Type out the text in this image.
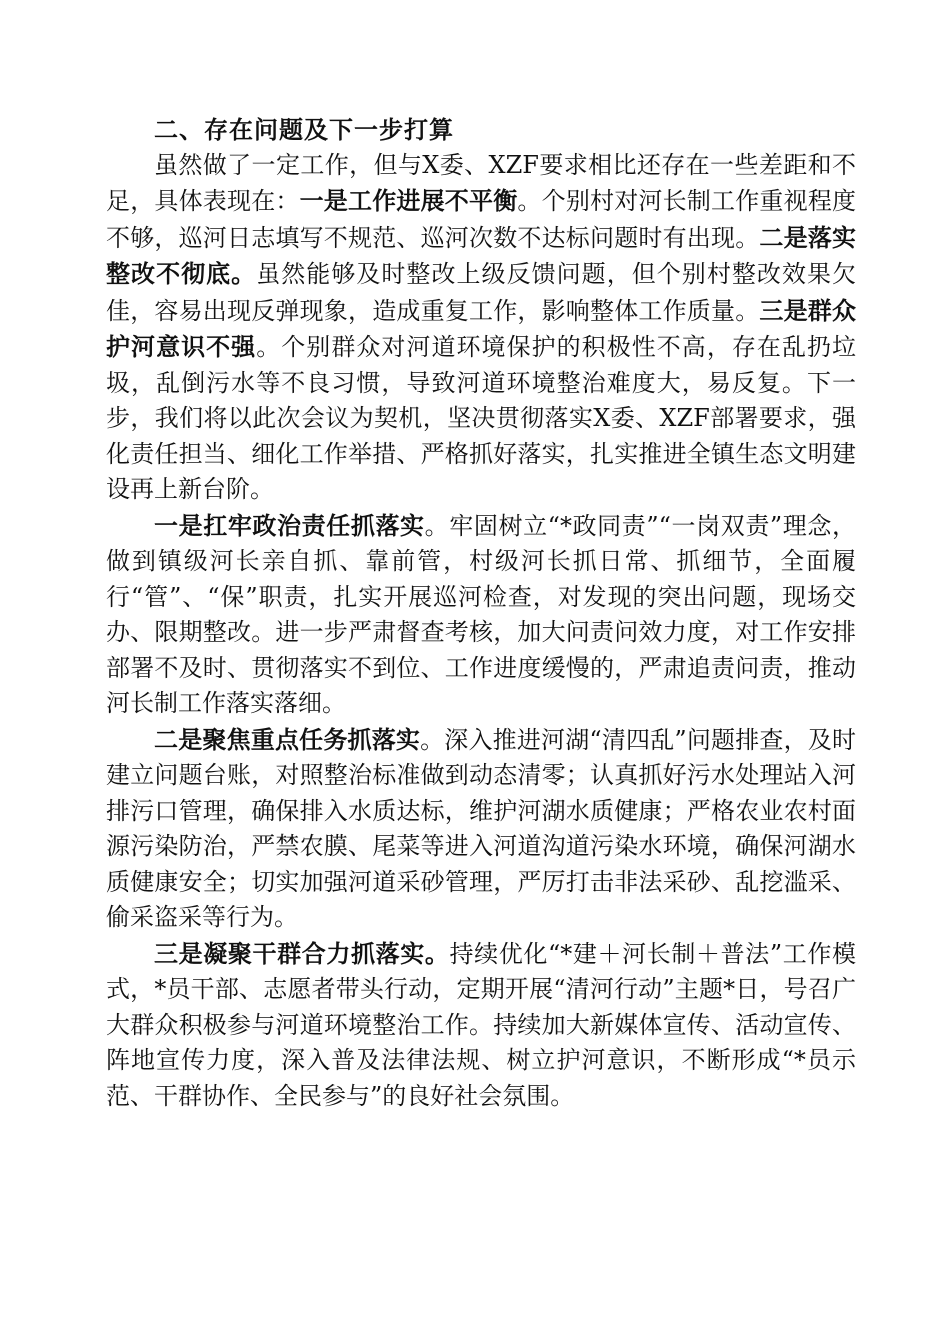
二、存在问题及下一步打算

虽然做了一定工作，但与X委、XZF要求相比还存在一些差距和不足，具体表现在：一是工作进展不平衡。个别村对河长制工作重视程度不够，巡河日志填写不规范、巡河次数不达标问题时有出现。二是落实整改不彻底。虽然能够及时整改上级反馈问题，但个别村整改效果欠佳，容易出现反弹现象，造成重复工作，影响整体工作质量。三是群众护河意识不强。个别群众对河道环境保护的积极性不高，存在乱扔垃圾，乱倒污水等不良习惯，导致河道环境整治难度大，易反复。下一步，我们将以此次会议为契机，坚决贯彻落实X委、XZF部署要求，强化责任担当、细化工作举措、严格抓好落实，扎实推进全镇生态文明建设再上新台阶。

一是扛牢政治责任抓落实。牢固树立“*政同责”“一岗双责”理念，做到镇级河长亲自抓、靠前管，村级河长抓日常、抓细节，全面履行“管”、“保”职责，扎实开展巡河检查，对发现的突出问题，现场交办、限期整改。进一步严肃督查考核，加大问责问效力度，对工作安排部署不及时、贯彻落实不到位、工作进度缓慢的，严肃追责问责，推动河长制工作落实落细。

二是聚焦重点任务抓落实。深入推进河湖“清四乱”问题排查，及时建立问题台账，对照整治标准做到动态清零；认真抓好污水处理站入河排污口管理，确保排入水质达标，维护河湖水质健康；严格农业农村面源污染防治，严禁农膜、尾菜等进入河道沟道污染水环境，确保河湖水质健康安全；切实加强河道采砂管理，严厉打击非法采砂、乱挖滥采、偷采盗采等行为。

三是凝聚干群合力抓落实。持续优化“*建＋河长制＋普法”工作模式，*员干部、志愿者带头行动，定期开展“清河行动”主题*日，号召广大群众积极参与河道环境整治工作。持续加大新媒体宣传、活动宣传、阵地宣传力度，深入普及法律法规、树立护河意识，不断形成“*员示范、干群协作、全民参与”的良好社会氛围。
